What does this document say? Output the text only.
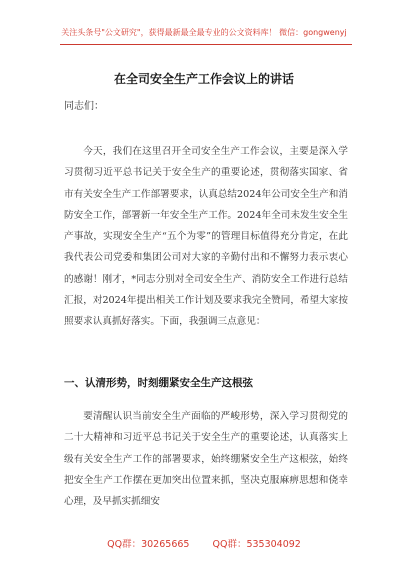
关注头条号"公文研究"，获得最新最全最专业的公文资料库！ 微信：gongwenyj
在全司安全生产工作会议上的讲话
同志们：

今天，我们在这里召开全司安全生产工作会议，主要是深入学习贯彻习近平总书记关于安全生产的重要论述，贯彻落实国家、省市有关安全生产工作部署要求，认真总结2024年公司安全生产和消防安全工作，部署新一年安全生产工作。2024年全司未发生安全生产事故，实现安全生产“五个为零”的管理目标值得充分肯定，在此我代表公司党委和集团公司对大家的辛勤付出和不懈努力表示衷心的感谢！刚才，*同志分别对全司安全生产、消防安全工作进行总结汇报，对2024年提出相关工作计划及要求我完全赞同，希望大家按照要求认真抓好落实。下面，我强调三点意见：

一、认清形势，时刻绷紧安全生产这根弦

要清醒认识当前安全生产面临的严峻形势，深入学习贯彻党的二十大精神和习近平总书记关于安全生产的重要论述，认真落实上级有关安全生产工作的部署要求，始终绷紧安全生产这根弦，始终把安全生产工作摆在更加突出位置来抓，坚决克服麻痹思想和侥幸心理，及早抓实抓细安

QQ群：30265665 QQ群：535304092
